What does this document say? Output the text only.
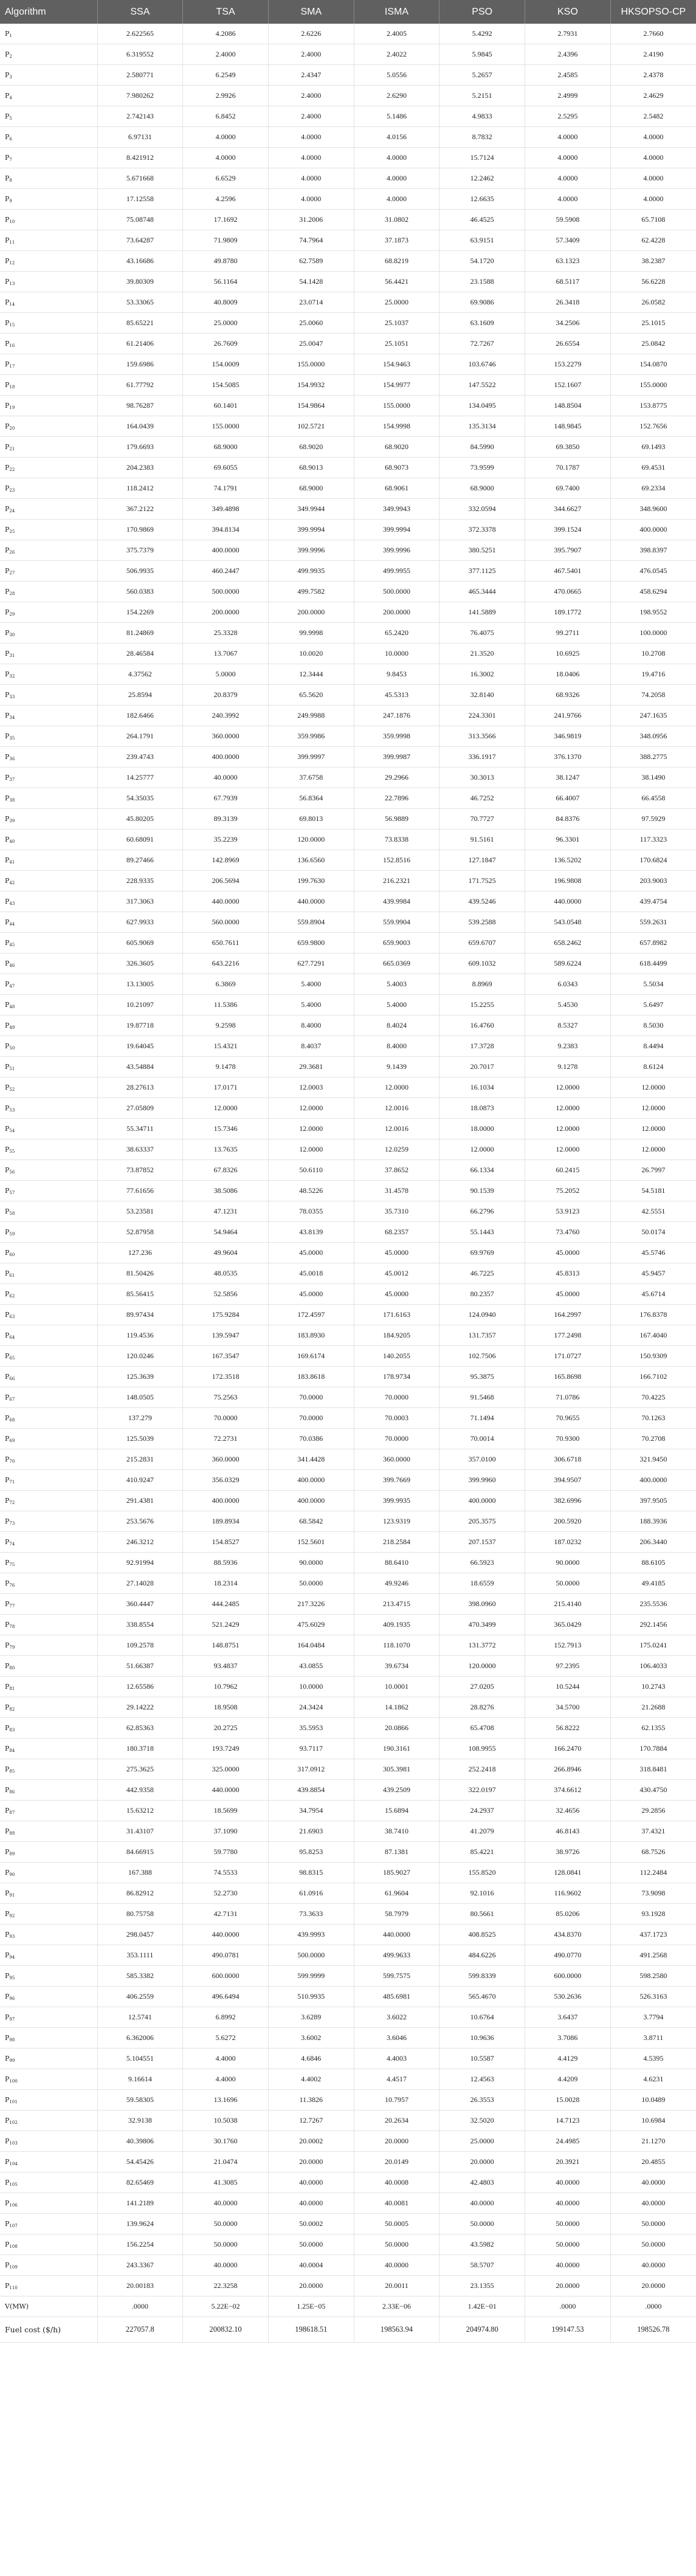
Algorithm	SSA	TSA	SMA	ISMA	PSO	KSO	HKSOPSO-CP
$P_1$	2.622565	4.2086	2.6226	2.4005	5.4292	2.7931	2.7660
$P_2$	6.319552	2.4000	2.4000	2.4022	5.9845	2.4396	2.4190
$P_3$	2.580771	6.2549	2.4347	5.0556	5.2657	2.4585	2.4378
$P_4$	7.980262	2.9926	2.4000	2.6290	5.2151	2.4999	2.4629
$P_5$	2.742143	6.8452	2.4000	5.1486	4.9833	2.5295	2.5482
$P_6$	6.97131	4.0000	4.0000	4.0156	8.7832	4.0000	4.0000
$P_7$	8.421912	4.0000	4.0000	4.0000	15.7124	4.0000	4.0000
$P_8$	5.671668	6.6529	4.0000	4.0000	12.2462	4.0000	4.0000
$P_9$	17.12558	4.2596	4.0000	4.0000	12.6635	4.0000	4.0000
$P_{10}$	75.08748	17.1692	31.2006	31.0802	46.4525	59.5908	65.7108
$P_{11}$	73.64287	71.9809	74.7964	37.1873	63.9151	57.3409	62.4228
$P_{12}$	43.16686	49.8780	62.7589	68.8219	54.1720	63.1323	38.2387
$P_{13}$	39.80309	56.1164	54.1428	56.4421	23.1588	68.5117	56.6228
$P_{14}$	53.33065	40.8009	23.0714	25.0000	69.9086	26.3418	26.0582
$P_{15}$	85.65221	25.0000	25.0060	25.1037	63.1609	34.2506	25.1015
$P_{16}$	61.21406	26.7609	25.0047	25.1051	72.7267	26.6554	25.0842
$P_{17}$	159.6986	154.0009	155.0000	154.9463	103.6746	153.2279	154.0870
$P_{18}$	61.77792	154.5085	154.9932	154.9977	147.5522	152.1607	155.0000
$P_{19}$	98.76287	60.1401	154.9864	155.0000	134.0495	148.8504	153.8775
$P_{20}$	164.0439	155.0000	102.5721	154.9998	135.3134	148.9845	152.7656
$P_{21}$	179.6693	68.9000	68.9020	68.9020	84.5990	69.3850	69.1493
$P_{22}$	204.2383	69.6055	68.9013	68.9073	73.9599	70.1787	69.4531
$P_{23}$	118.2412	74.1791	68.9000	68.9061	68.9000	69.7400	69.2334
$P_{24}$	367.2122	349.4898	349.9944	349.9943	332.0594	344.6627	348.9600
$P_{25}$	170.9869	394.8134	399.9994	399.9994	372.3378	399.1524	400.0000
$P_{26}$	375.7379	400.0000	399.9996	399.9996	380.5251	395.7907	398.8397
$P_{27}$	506.9935	460.2447	499.9935	499.9955	377.1125	467.5401	476.0545
$P_{28}$	560.0383	500.0000	499.7582	500.0000	465.3444	470.0665	458.6294
$P_{29}$	154.2269	200.0000	200.0000	200.0000	141.5889	189.1772	198.9552
$P_{30}$	81.24869	25.3328	99.9998	65.2420	76.4075	99.2711	100.0000
$P_{31}$	28.46584	13.7067	10.0020	10.0000	21.3520	10.6925	10.2708
$P_{32}$	4.37562	5.0000	12.3444	9.8453	16.3002	18.0406	19.4716
$P_{33}$	25.8594	20.8379	65.5620	45.5313	32.8140	68.9326	74.2058
$P_{34}$	182.6466	240.3992	249.9988	247.1876	224.3301	241.9766	247.1635
$P_{35}$	264.1791	360.0000	359.9986	359.9998	313.3566	346.9819	348.0956
$P_{36}$	239.4743	400.0000	399.9997	399.9987	336.1917	376.1370	388.2775
$P_{37}$	14.25777	40.0000	37.6758	29.2966	30.3013	38.1247	38.1490
$P_{38}$	54.35035	67.7939	56.8364	22.7896	46.7252	66.4007	66.4558
$P_{39}$	45.80205	89.3139	69.8013	56.9889	70.7727	84.8376	97.5929
$P_{40}$	60.68091	35.2239	120.0000	73.8338	91.5161	96.3301	117.3323
$P_{41}$	89.27466	142.8969	136.6560	152.8516	127.1847	136.5202	170.6824
$P_{42}$	228.9335	206.5694	199.7630	216.2321	171.7525	196.9808	203.9003
$P_{43}$	317.3063	440.0000	440.0000	439.9984	439.5246	440.0000	439.4754
$P_{44}$	627.9933	560.0000	559.8904	559.9904	539.2588	543.0548	559.2631
$P_{45}$	605.9069	650.7611	659.9800	659.9003	659.6707	658.2462	657.8982
$P_{46}$	326.3605	643.2216	627.7291	665.0369	609.1032	589.6224	618.4499
$P_{47}$	13.13005	6.3869	5.4000	5.4003	8.8969	6.0343	5.5034
$P_{48}$	10.21097	11.5386	5.4000	5.4000	15.2255	5.4530	5.6497
$P_{49}$	19.87718	9.2598	8.4000	8.4024	16.4760	8.5327	8.5030
$P_{50}$	19.64045	15.4321	8.4037	8.4000	17.3728	9.2383	8.4494
$P_{51}$	43.54884	9.1478	29.3681	9.1439	20.7017	9.1278	8.6124
$P_{52}$	28.27613	17.0171	12.0003	12.0000	16.1034	12.0000	12.0000
$P_{53}$	27.05809	12.0000	12.0000	12.0016	18.0873	12.0000	12.0000
$P_{54}$	55.34711	15.7346	12.0000	12.0016	18.0000	12.0000	12.0000
$P_{55}$	38.63337	13.7635	12.0000	12.0259	12.0000	12.0000	12.0000
$P_{56}$	73.87852	67.8326	50.6110	37.8652	66.1334	60.2415	26.7997
$P_{57}$	77.61656	38.5086	48.5226	31.4578	90.1539	75.2052	54.5181
$P_{58}$	53.23581	47.1231	78.0355	35.7310	66.2796	53.9123	42.5551
$P_{59}$	52.87958	54.9464	43.8139	68.2357	55.1443	73.4760	50.0174
$P_{60}$	127.236	49.9604	45.0000	45.0000	69.9769	45.0000	45.5746
$P_{61}$	81.50426	48.0535	45.0018	45.0012	46.7225	45.8313	45.9457
$P_{62}$	85.56415	52.5856	45.0000	45.0000	80.2357	45.0000	45.6714
$P_{63}$	89.97434	175.9284	172.4597	171.6163	124.0940	164.2997	176.8378
$P_{64}$	119.4536	139.5947	183.8930	184.9205	131.7357	177.2498	167.4040
$P_{65}$	120.0246	167.3547	169.6174	140.2055	102.7506	171.0727	150.9309
$P_{66}$	125.3639	172.3518	183.8618	178.9734	95.3875	165.8698	166.7102
$P_{67}$	148.0505	75.2563	70.0000	70.0000	91.5468	71.0786	70.4225
$P_{68}$	137.279	70.0000	70.0000	70.0003	71.1494	70.9655	70.1263
$P_{69}$	125.5039	72.2731	70.0386	70.0000	70.0014	70.9300	70.2708
$P_{70}$	215.2831	360.0000	341.4428	360.0000	357.0100	306.6718	321.9450
$P_{71}$	410.9247	356.0329	400.0000	399.7669	399.9960	394.9507	400.0000
$P_{72}$	291.4381	400.0000	400.0000	399.9935	400.0000	382.6996	397.9505
$P_{73}$	253.5676	189.8934	68.5842	123.9319	205.3575	200.5920	188.3936
$P_{74}$	246.3212	154.8527	152.5601	218.2584	207.1537	187.0232	206.3440
$P_{75}$	92.91994	88.5936	90.0000	88.6410	66.5923	90.0000	88.6105
$P_{76}$	27.14028	18.2314	50.0000	49.9246	18.6559	50.0000	49.4185
$P_{77}$	360.4447	444.2485	217.3226	213.4715	398.0960	215.4140	235.5536
$P_{78}$	338.8554	521.2429	475.6029	409.1935	470.3499	365.0429	292.1456
$P_{79}$	109.2578	148.8751	164.0484	118.1070	131.3772	152.7913	175.0241
$P_{80}$	51.66387	93.4837	43.0855	39.6734	120.0000	97.2395	106.4033
$P_{81}$	12.65586	10.7962	10.0000	10.0001	27.0205	10.5244	10.2743
$P_{82}$	29.14222	18.9508	24.3424	14.1862	28.8276	34.5700	21.2688
$P_{83}$	62.85363	20.2725	35.5953	20.0866	65.4708	56.8222	62.1355
$P_{84}$	180.3718	193.7249	93.7117	190.3161	108.9955	166.2470	170.7884
$P_{85}$	275.3625	325.0000	317.0912	305.3981	252.2418	266.8946	318.8481
$P_{86}$	442.9358	440.0000	439.8854	439.2509	322.0197	374.6612	430.4750
$P_{87}$	15.63212	18.5699	34.7954	15.6894	24.2937	32.4656	29.2856
$P_{88}$	31.43107	37.1090	21.6903	38.7410	41.2079	46.8143	37.4321
$P_{89}$	84.66915	59.7780	95.8253	87.1381	85.4221	38.9726	68.7526
$P_{90}$	167.388	74.5533	98.8315	185.9027	155.8520	128.0841	112.2484
$P_{91}$	86.82912	52.2730	61.0916	61.9604	92.1016	116.9602	73.9098
$P_{92}$	80.75758	42.7131	73.3633	58.7979	80.5661	85.0206	93.1928
$P_{93}$	298.0457	440.0000	439.9993	440.0000	408.8525	434.8370	437.1723
$P_{94}$	353.1111	490.0781	500.0000	499.9633	484.6226	490.0770	491.2568
$P_{95}$	585.3382	600.0000	599.9999	599.7575	599.8339	600.0000	598.2580
$P_{96}$	406.2559	496.6494	510.9935	485.6981	565.4670	530.2636	526.3163
$P_{97}$	12.5741	6.8992	3.6289	3.6022	10.6764	3.6437	3.7794
$P_{98}$	6.362006	5.6272	3.6002	3.6046	10.9636	3.7086	3.8711
$P_{99}$	5.104551	4.4000	4.6846	4.4003	10.5587	4.4129	4.5395
$P_{100}$	9.16614	4.4000	4.4002	4.4517	12.4563	4.4209	4.6231
$P_{101}$	59.58305	13.1696	11.3826	10.7957	26.3553	15.0028	10.0489
$P_{102}$	32.9138	10.5038	12.7267	20.2634	32.5020	14.7123	10.6984
$P_{103}$	40.39806	30.1760	20.0002	20.0000	25.0000	24.4985	21.1270
$P_{104}$	54.45426	21.0474	20.0000	20.0149	20.0000	20.3921	20.4855
$P_{105}$	82.65469	41.3085	40.0000	40.0008	42.4803	40.0000	40.0000
$P_{106}$	141.2189	40.0000	40.0000	40.0081	40.0000	40.0000	40.0000
$P_{107}$	139.9624	50.0000	50.0002	50.0005	50.0000	50.0000	50.0000
$P_{108}$	156.2254	50.0000	50.0000	50.0000	43.5982	50.0000	50.0000
$P_{109}$	243.3367	40.0000	40.0004	40.0000	58.5707	40.0000	40.0000
$P_{110}$	20.00183	22.3258	20.0000	20.0011	23.1355	20.0000	20.0000
V(MW)	.0000	5.22E−02	1.25E−05	2.33E−06	1.42E−01	.0000	.0000
Fuel cost ($/h)	227057.8	200832.10	198618.51	198563.94	204974.80	199147.53	198526.78
